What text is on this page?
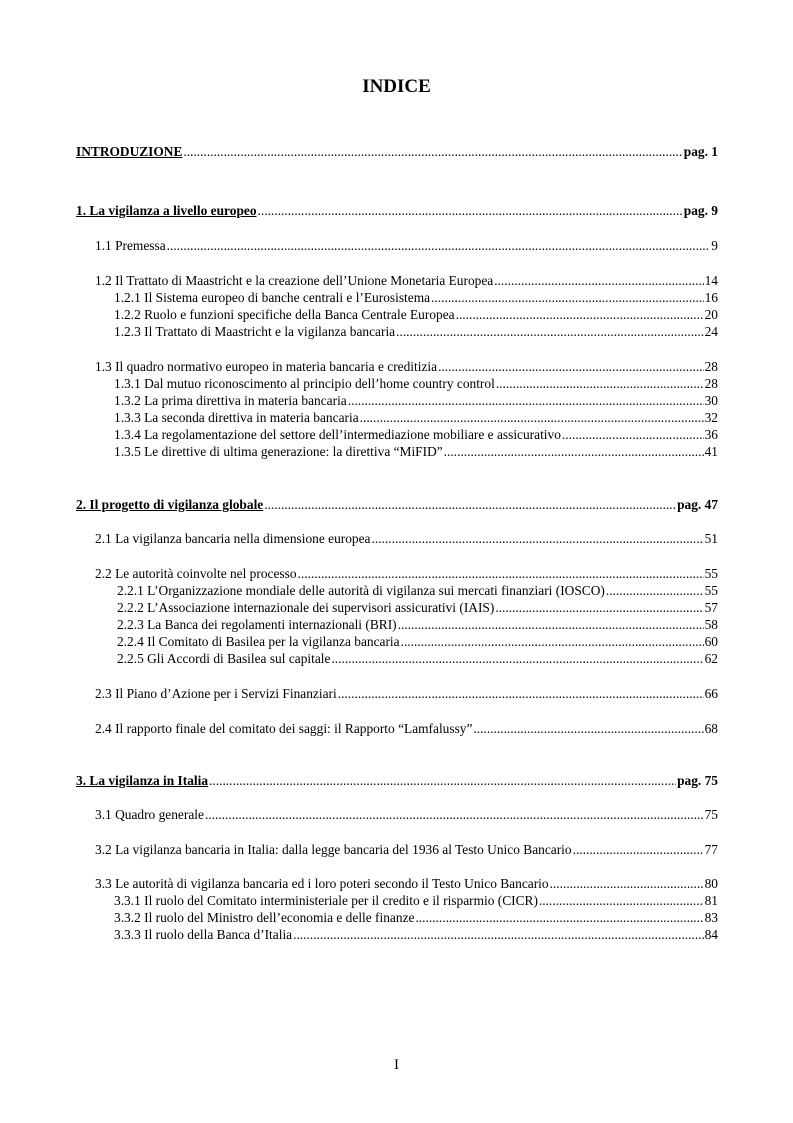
INDICE
INTRODUZIONE .....	pag. 1
1. La vigilanza a livello europeo .....	pag. 9
1.1 Premessa .....	9
1.2 Il Trattato di Maastricht e la creazione dell’Unione Monetaria Europea .....	14
1.2.1 Il Sistema europeo di banche centrali e l’Eurosistema .....	16
1.2.2 Ruolo e funzioni specifiche della Banca Centrale Europea .....	20
1.2.3 Il Trattato di Maastricht e la vigilanza bancaria .....	24
1.3 Il quadro normativo europeo in materia bancaria e creditizia .....	28
1.3.1 Dal mutuo riconoscimento al principio dell’home country control .....	28
1.3.2 La prima direttiva in materia bancaria .....	30
1.3.3 La seconda direttiva in materia bancaria .....	32
1.3.4 La regolamentazione del settore dell’intermediazione mobiliare e assicurativo .....	36
1.3.5 Le direttive di ultima generazione: la direttiva “MiFID” .....	41
2. Il progetto di vigilanza globale .....	pag. 47
2.1 La vigilanza bancaria nella dimensione europea .....	51
2.2 Le autorità coinvolte nel processo .....	55
2.2.1 L’Organizzazione mondiale delle autorità di vigilanza sui mercati finanziari (IOSCO) .....	55
2.2.2 L’Associazione internazionale dei supervisori assicurativi (IAIS) .....	57
2.2.3 La Banca dei regolamenti internazionali (BRI) .....	58
2.2.4 Il Comitato di Basilea per la vigilanza bancaria .....	60
2.2.5 Gli Accordi di Basilea sul capitale .....	62
2.3 Il Piano d’Azione per i Servizi Finanziari .....	66
2.4 Il rapporto finale del comitato dei saggi: il Rapporto “Lamfalussy” .....	68
3. La vigilanza in Italia .....	pag. 75
3.1 Quadro generale .....	75
3.2 La vigilanza bancaria in Italia: dalla legge bancaria del 1936 al Testo Unico Bancario .....	77
3.3 Le autorità di vigilanza bancaria ed i loro poteri secondo il Testo Unico Bancario .....	80
3.3.1 Il ruolo del Comitato interministeriale per il credito e il risparmio (CICR) .....	81
3.3.2 Il ruolo del Ministro dell’economia e delle finanze .....	83
3.3.3 Il ruolo della Banca d’Italia .....	84
I
